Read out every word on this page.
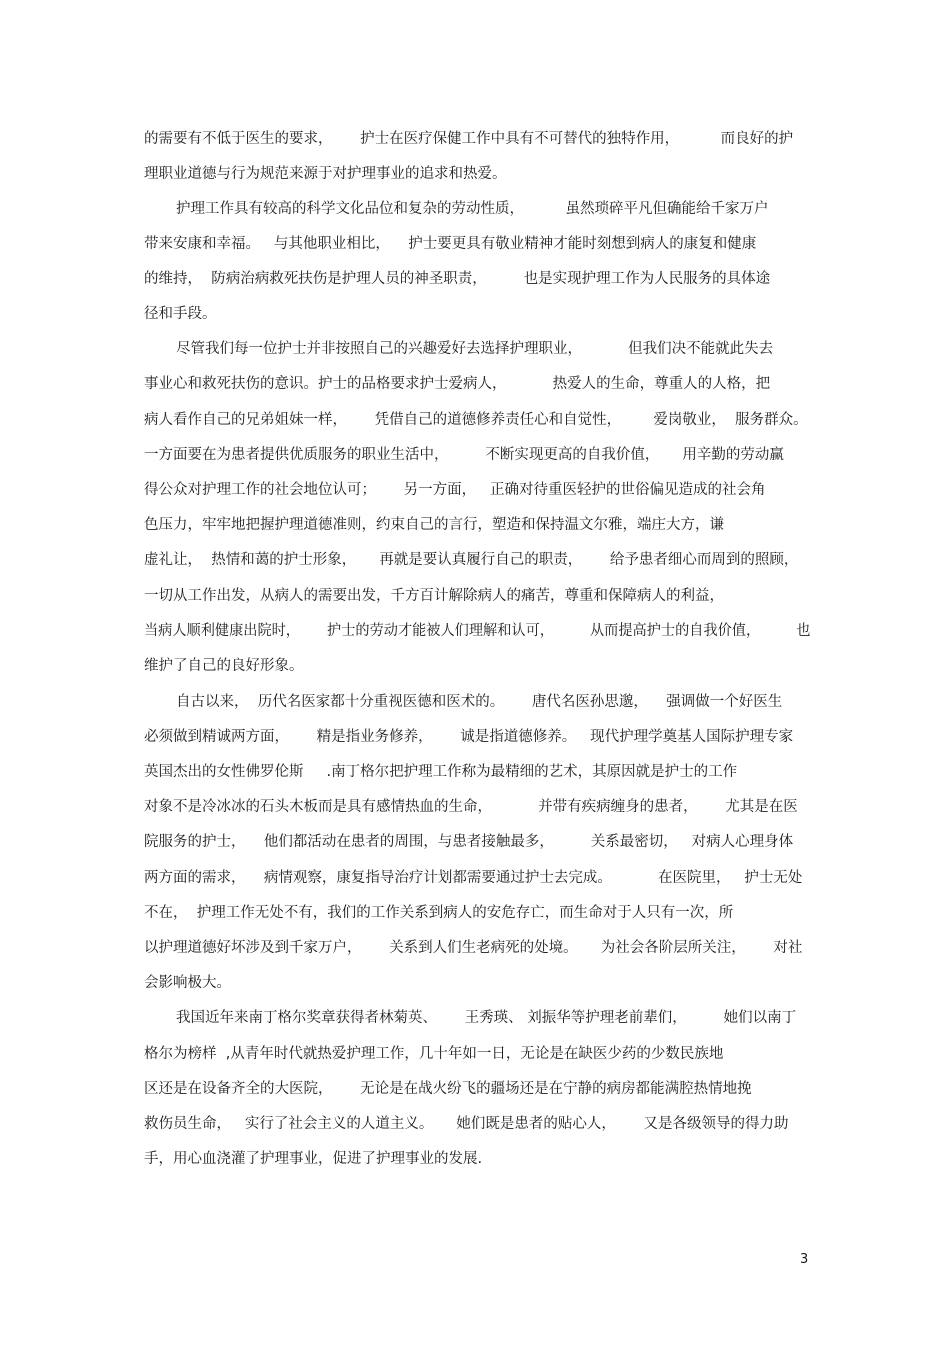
的需要有不低于医生的要求，      护士在医疗保健工作中具有不可替代的独特作用，         而良好的护
理职业道德与行为规范来源于对护理事业的追求和热爱。
护理工作具有较高的科学文化品位和复杂的劳动性质，         虽然琐碎平凡但确能给千家万户
带来安康和幸福。   与其他职业相比，    护士要更具有敬业精神才能时刻想到病人的康复和健康
的维持，  防病治病救死扶伤是护理人员的神圣职责，        也是实现护理工作为人民服务的具体途
径和手段。
尽管我们每一位护士并非按照自己的兴趣爱好去选择护理职业，          但我们决不能就此失去
事业心和救死扶伤的意识。护士的品格要求护士爱病人，          热爱人的生命，尊重人的人格，把
病人看作自己的兄弟姐妹一样，      凭借自己的道德修养责任心和自觉性，       爱岗敬业，  服务群众。
一方面要在为患者提供优质服务的职业生活中，        不断实现更高的自我价值，     用辛勤的劳动赢
得公众对护理工作的社会地位认可；      另一方面，   正确对待重医轻护的世俗偏见造成的社会角
色压力，牢牢地把握护理道德准则，约束自己的言行，塑造和保持温文尔雅，端庄大方，谦
虚礼让，  热情和蔼的护士形象，     再就是要认真履行自己的职责，      给予患者细心而周到的照顾，
一切从工作出发，从病人的需要出发，千方百计解除病人的痛苦，尊重和保障病人的利益，
当病人顺利健康出院时，      护士的劳动才能被人们理解和认可，        从而提高护士的自我价值，        也
维护了自己的良好形象。
自古以来，  历代名医家都十分重视医德和医术的。      唐代名医孙思邈，    强调做一个好医生
必须做到精诚两方面，      精是指业务修养，      诚是指道德修养。   现代护理学奠基人国际护理专家
英国杰出的女性佛罗伦斯     .南丁格尔把护理工作称为最精细的艺术，其原因就是护士的工作
对象不是冷冰冰的石头木板而是具有感情热血的生命，          并带有疾病缠身的患者，      尤其是在医
院服务的护士，    他们都活动在患者的周围，与患者接触最多，        关系最密切，   对病人心理身体
两方面的需求，    病情观察，康复指导治疗计划都需要通过护士去完成。          在医院里，   护士无处
不在，  护理工作无处不有，我们的工作关系到病人的安危存亡，而生命对于人只有一次，所
以护理道德好坏涉及到千家万户，      关系到人们生老病死的处境。     为社会各阶层所关注，      对社
会影响极大。
我国近年来南丁格尔奖章获得者林菊英、      王秀瑛、 刘振华等护理老前辈们，        她们以南丁
格尔为榜样  ,从青年时代就热爱护理工作，几十年如一日，无论是在缺医少药的少数民族地
区还是在设备齐全的大医院，      无论是在战火纷飞的疆场还是在宁静的病房都能满腔热情地挽
救伤员生命，   实行了社会主义的人道主义。     她们既是患者的贴心人，      又是各级领导的得力助
手，用心血浇灌了护理事业，促进了护理事业的发展.
3
